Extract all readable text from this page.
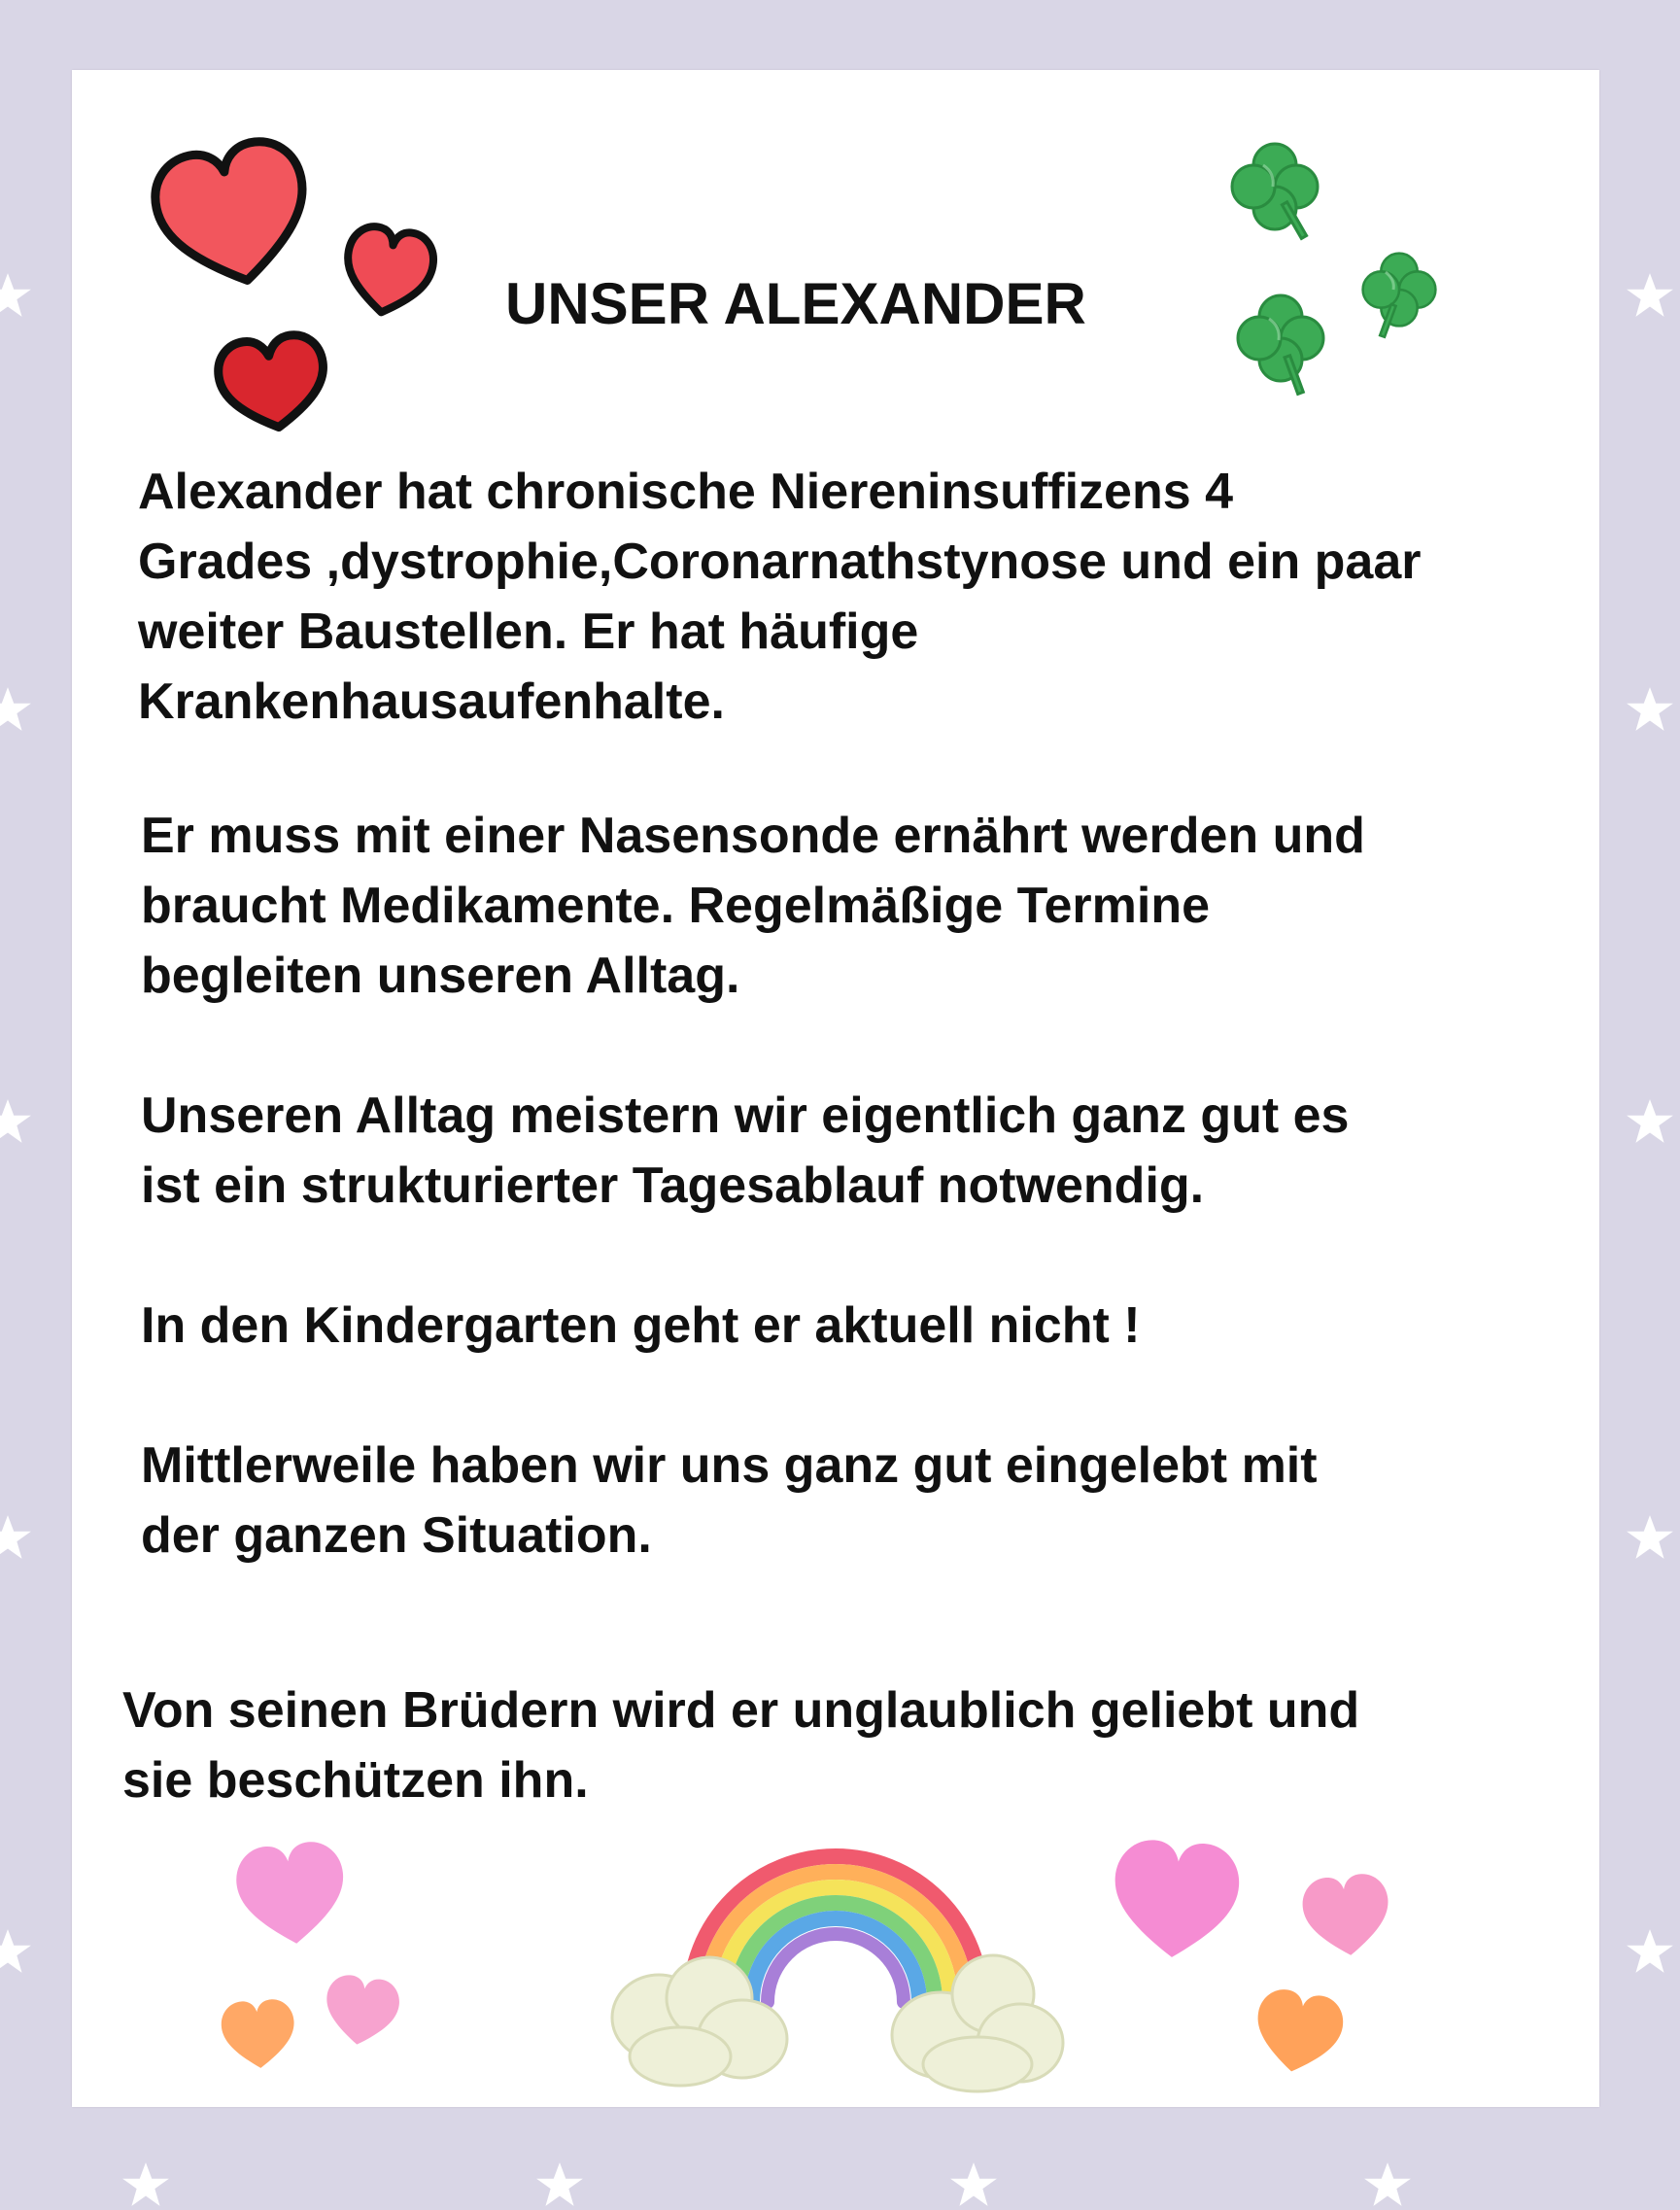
UNSER ALEXANDER

Alexander hat chronische Niereninsuffizens 4
Grades ,dystrophie,Coronarnathstynose und ein paar
weiter Baustellen. Er hat häufige
Krankenhausaufenhalte.

Er muss mit einer Nasensonde ernährt werden und
braucht Medikamente. Regelmäßige Termine
begleiten unseren Alltag.

Unseren Alltag meistern wir eigentlich ganz gut es
ist ein strukturierter Tagesablauf notwendig.

In den Kindergarten geht er aktuell nicht !

Mittlerweile haben wir uns ganz gut eingelebt mit
der ganzen Situation.

Von seinen Brüdern wird er unglaublich geliebt und
sie beschützen ihn.
